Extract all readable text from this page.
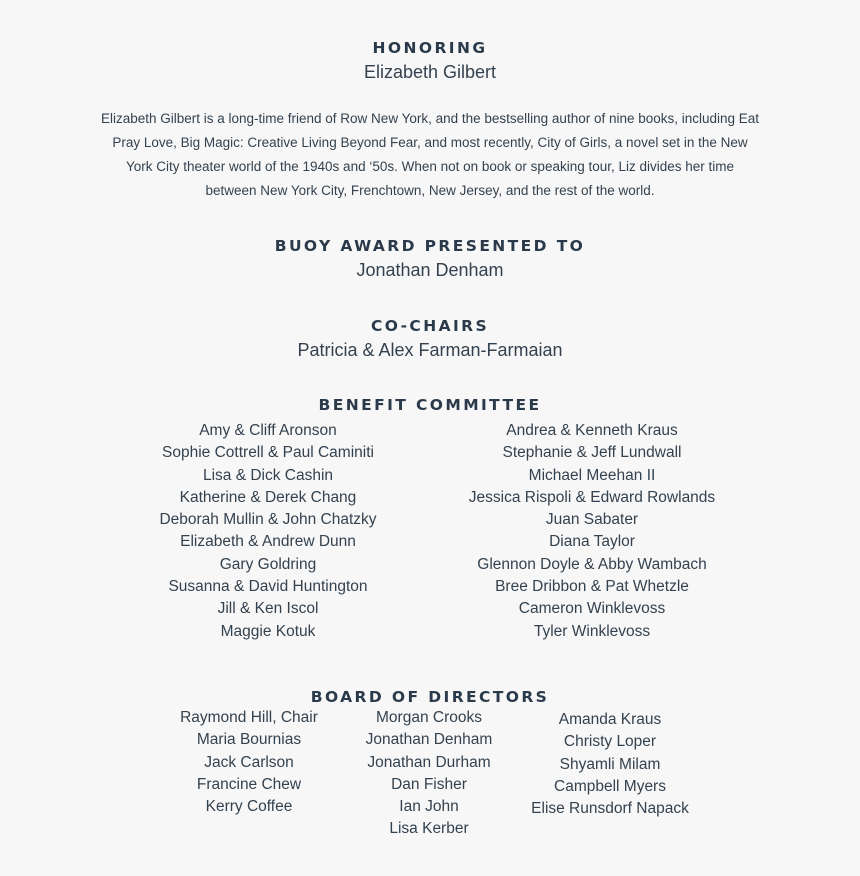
HONORING
Elizabeth Gilbert

Elizabeth Gilbert is a long-time friend of Row New York, and the bestselling author of nine books, including Eat Pray Love, Big Magic: Creative Living Beyond Fear, and most recently, City of Girls, a novel set in the New York City theater world of the 1940s and ‘50s. When not on book or speaking tour, Liz divides her time between New York City, Frenchtown, New Jersey, and the rest of the world.

BUOY AWARD PRESENTED TO
Jonathan Denham
CO-CHAIRS
Patricia & Alex Farman-Farmaian
BENEFIT COMMITTEE
Amy & Cliff Aronson
Sophie Cottrell & Paul Caminiti
Lisa & Dick Cashin
Katherine & Derek Chang
Deborah Mullin & John Chatzky
Elizabeth & Andrew Dunn
Gary Goldring
Susanna & David Huntington
Jill & Ken Iscol
Maggie Kotuk
Andrea & Kenneth Kraus
Stephanie & Jeff Lundwall
Michael Meehan II
Jessica Rispoli & Edward Rowlands
Juan Sabater
Diana Taylor
Glennon Doyle & Abby Wambach
Bree Dribbon & Pat Whetzle
Cameron Winklevoss
Tyler Winklevoss
BOARD OF DIRECTORS
Raymond Hill, Chair
Maria Bournias
Jack Carlson
Francine Chew
Kerry Coffee
Morgan Crooks
Jonathan Denham
Jonathan Durham
Dan Fisher
Ian John
Lisa Kerber
Amanda Kraus
Christy Loper
Shyamli Milam
Campbell Myers
Elise Runsdorf Napack
